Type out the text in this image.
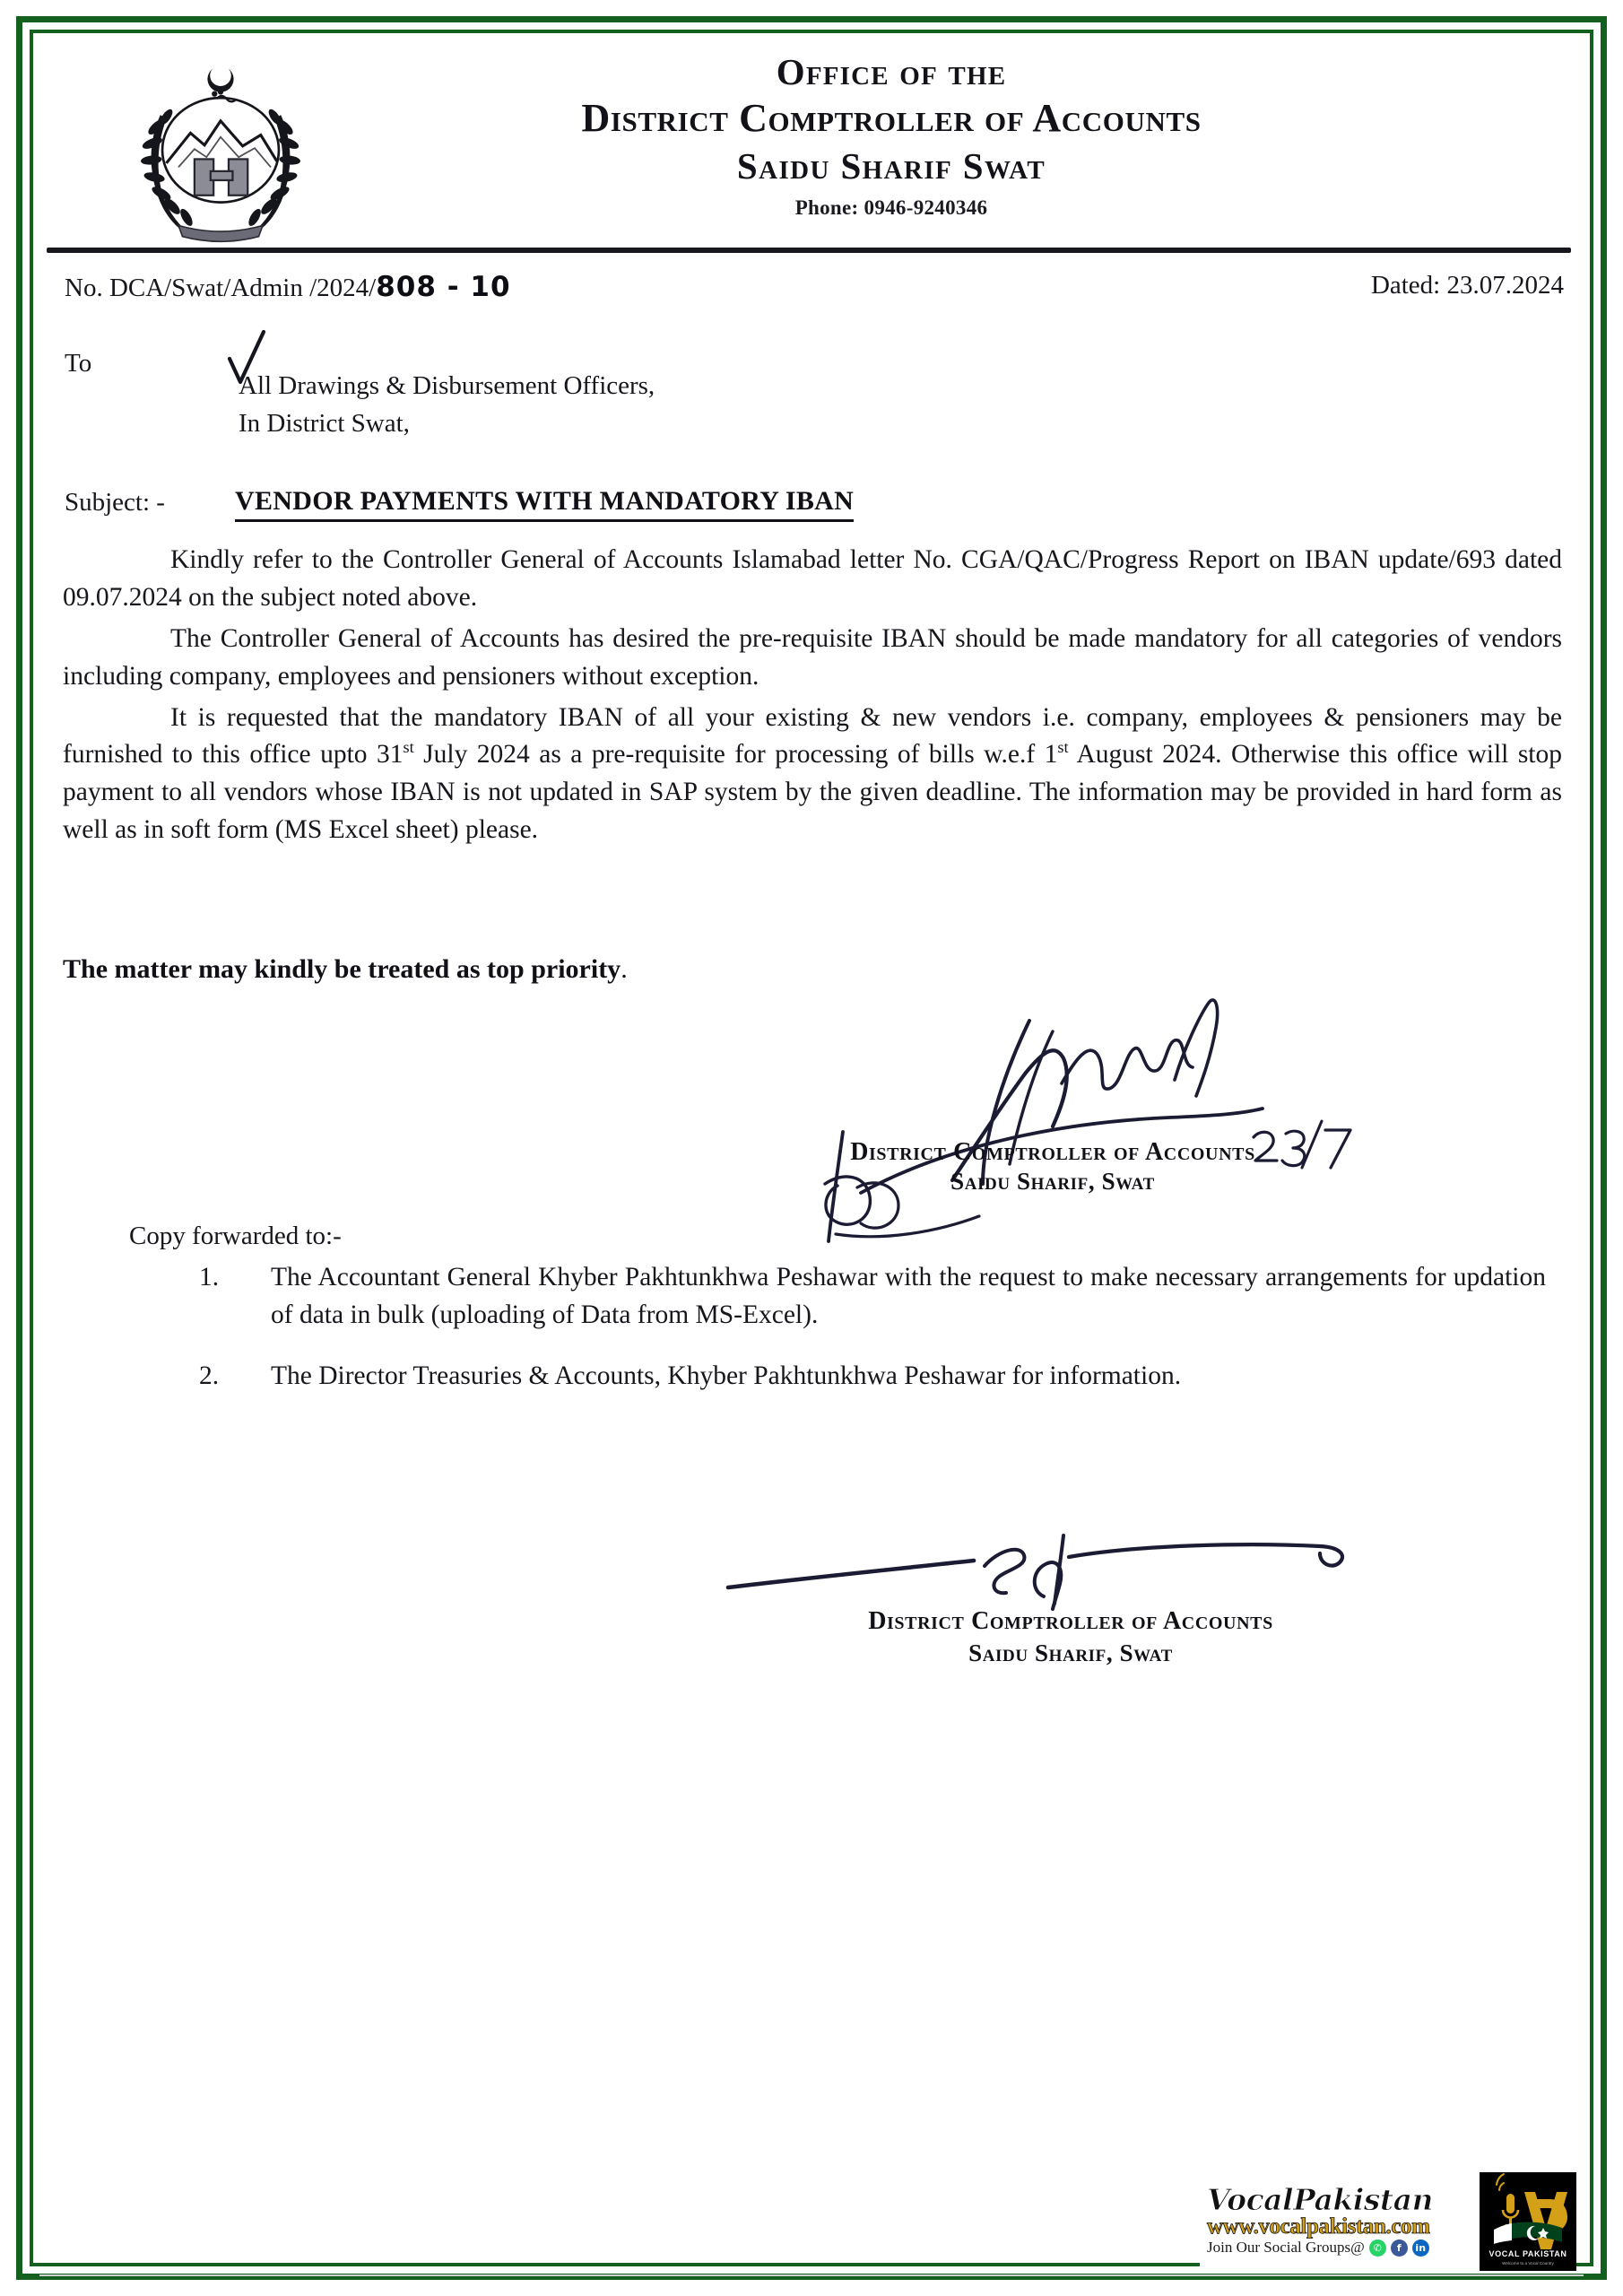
Office of the
District Comptroller of Accounts
Saidu Sharif Swat
Phone: 0946-9240346
No. DCA/Swat/Admin /2024/808 - 10	Dated: 23.07.2024
To
All Drawings & Disbursement Officers,
In District Swat,
Subject: -	VENDOR PAYMENTS WITH MANDATORY IBAN

Kindly refer to the Controller General of Accounts Islamabad letter No. CGA/QAC/Progress Report on IBAN update/693 dated 09.07.2024 on the subject noted above.

The Controller General of Accounts has desired the pre-requisite IBAN should be made mandatory for all categories of vendors including company, employees and pensioners without exception.

It is requested that the mandatory IBAN of all your existing & new vendors i.e. company, employees & pensioners may be furnished to this office upto 31st July 2024 as a pre-requisite for processing of bills w.e.f 1st August 2024. Otherwise this office will stop payment to all vendors whose IBAN is not updated in SAP system by the given deadline. The information may be provided in hard form as well as in soft form (MS Excel sheet) please.

The matter may kindly be treated as top priority.
District Comptroller of Accounts
Saidu Sharif, Swat
Copy forwarded to:-
1. The Accountant General Khyber Pakhtunkhwa Peshawar with the request to make necessary arrangements for updation of data in bulk (uploading of Data from MS-Excel).
2. The Director Treasuries & Accounts, Khyber Pakhtunkhwa Peshawar for information.
District Comptroller of Accounts
Saidu Sharif, Swat
VocalPakistan
www.vocalpakistan.com
Join Our Social Groups@ ✆	f	in
VOCAL PAKISTAN
Welcome to a Vocal Country
